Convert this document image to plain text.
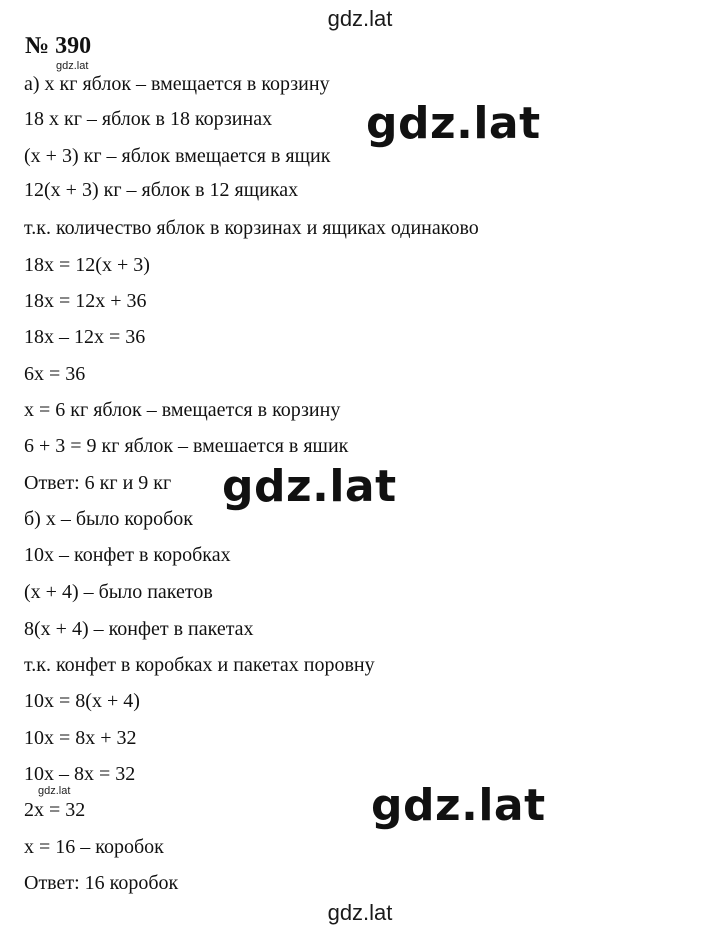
gdz.lat
№ 390
а) х кг яблок – вмещается в корзину
18 х кг – яблок в 18 корзинах
(х + 3) кг – яблок вмещается в ящик
12(х + 3) кг – яблок в 12 ящиках
т.к. количество яблок в корзинах и ящиках одинаково
18х = 12(х + 3)
18х = 12х + 36
18х – 12х = 36
6х = 36
х = 6 кг яблок – вмещается в корзину
6 + 3 = 9 кг яблок – вмешается в яшик
Ответ: 6 кг и 9 кг
б) х – было коробок
10х – конфет в коробках
(х + 4) – было пакетов
8(х + 4) – конфет в пакетах
т.к. конфет в коробках и пакетах поровну
10х = 8(х + 4)
10х = 8х + 32
10х – 8х = 32
2х = 32
х = 16 – коробок
Ответ: 16 коробок
gdz.lat
gdz.lat
gdz.lat
gdz.lat
gdz.lat
gdz.lat
